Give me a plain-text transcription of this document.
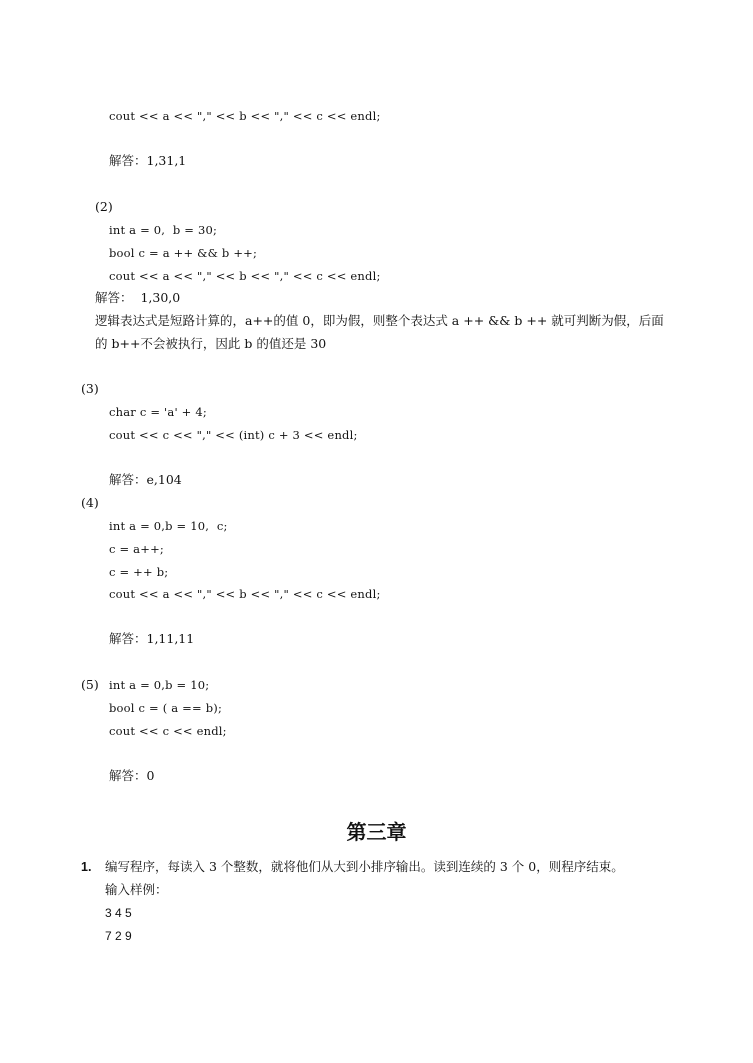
cout << a << "," << b << "," << c << endl;
解答：1,31,1
(2)
int a = 0,  b = 30;
bool c = a ++ && b ++;
cout << a << "," << b << "," << c << endl;
解答：  1,30,0
逻辑表达式是短路计算的，a++的值 0，即为假，则整个表达式 a ++ && b ++ 就可判断为假，后面
的 b++不会被执行，因此 b 的值还是 30
(3)
char c = 'a' + 4;
cout << c << "," << (int) c + 3 << endl;
解答：e,104
(4)
int a = 0,b = 10,  c;
c = a++;
c = ++ b;
cout << a << "," << b << "," << c << endl;
解答：1,11,11
(5) int a = 0,b = 10;
bool c = ( a == b);
cout << c << endl;
解答：0
第三章
1. 编写程序，每读入 3 个整数，就将他们从大到小排序输出。读到连续的 3 个 0，则程序结束。
输入样例：
3 4 5
7 2 9
